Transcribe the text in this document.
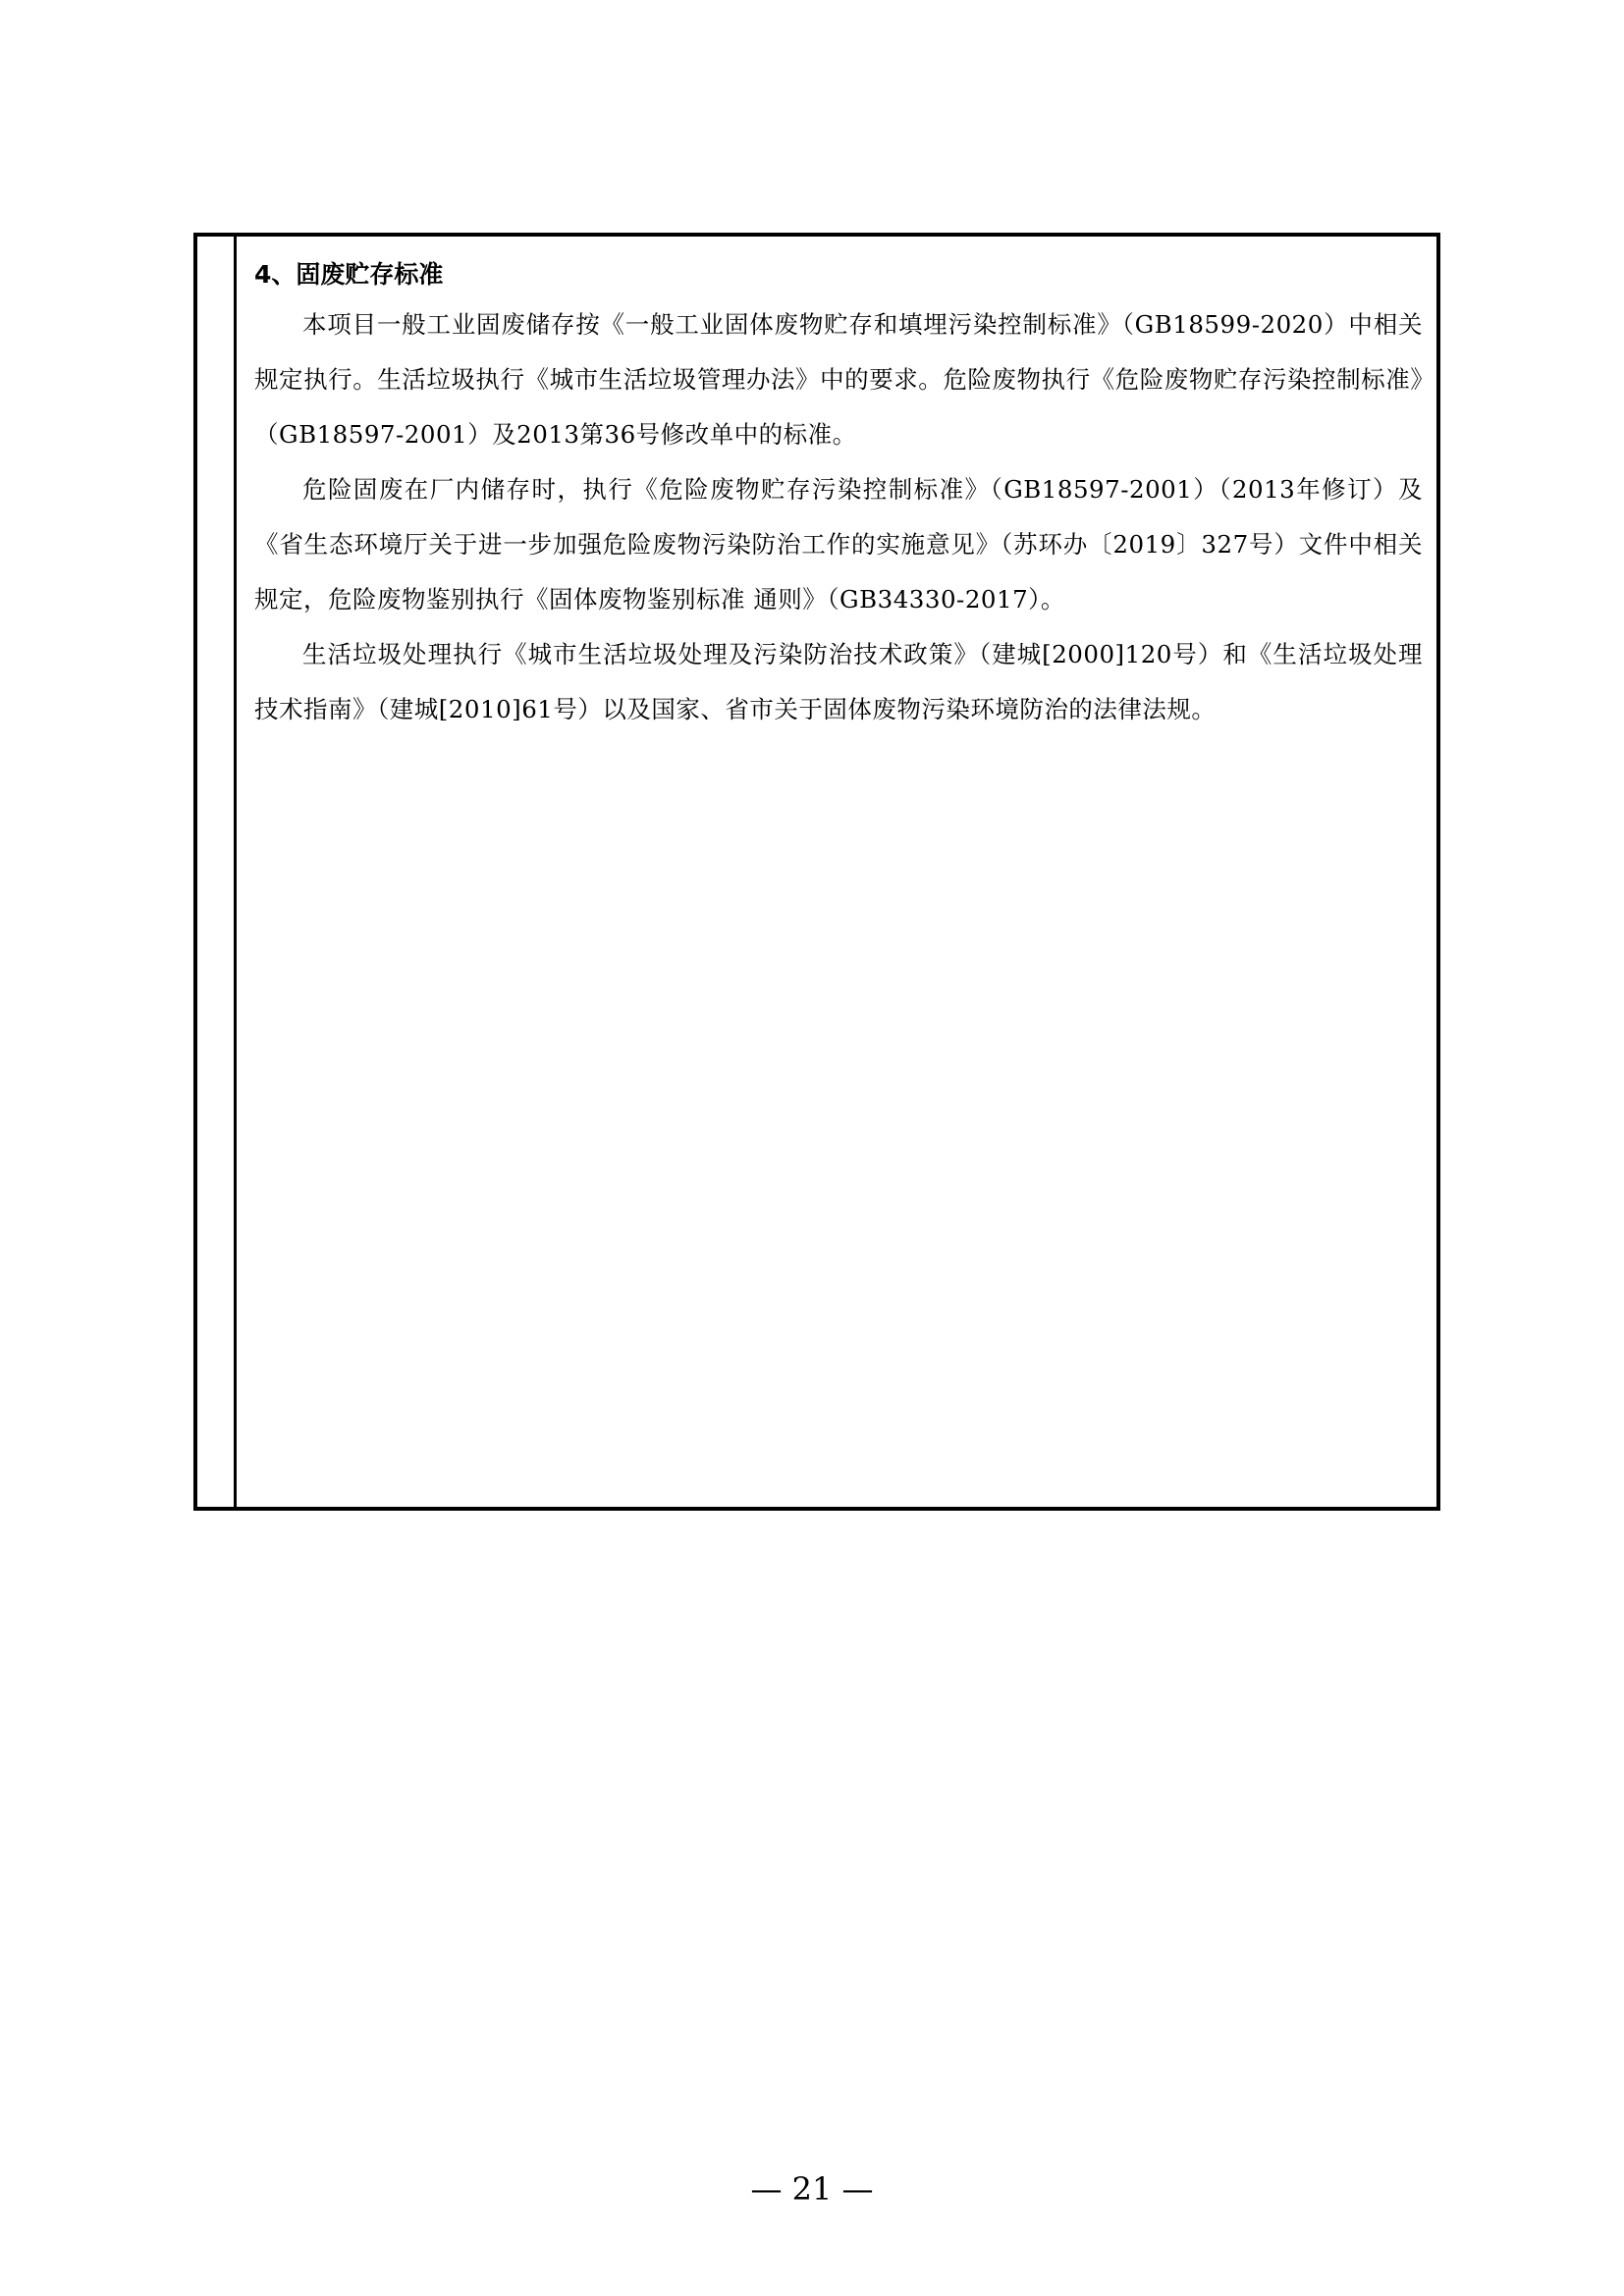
4、固废贮存标准

本项目一般工业固废储存按《一般工业固体废物贮存和填埋污染控制标准》（GB18599-2020）中相关规定执行。生活垃圾执行《城市生活垃圾管理办法》中的要求。危险废物执行《危险废物贮存污染控制标准》（GB18597-2001）及2013第36号修改单中的标准。

危险固废在厂内储存时，执行《危险废物贮存污染控制标准》（GB18597-2001）（2013年修订）及《省生态环境厅关于进一步加强危险废物污染防治工作的实施意见》（苏环办〔2019〕327号）文件中相关规定，危险废物鉴别执行《固体废物鉴别标准 通则》（GB34330-2017）。

生活垃圾处理执行《城市生活垃圾处理及污染防治技术政策》（建城[2000]120号）和《生活垃圾处理技术指南》（建城[2010]61号）以及国家、省市关于固体废物污染环境防治的法律法规。

— 21 —
